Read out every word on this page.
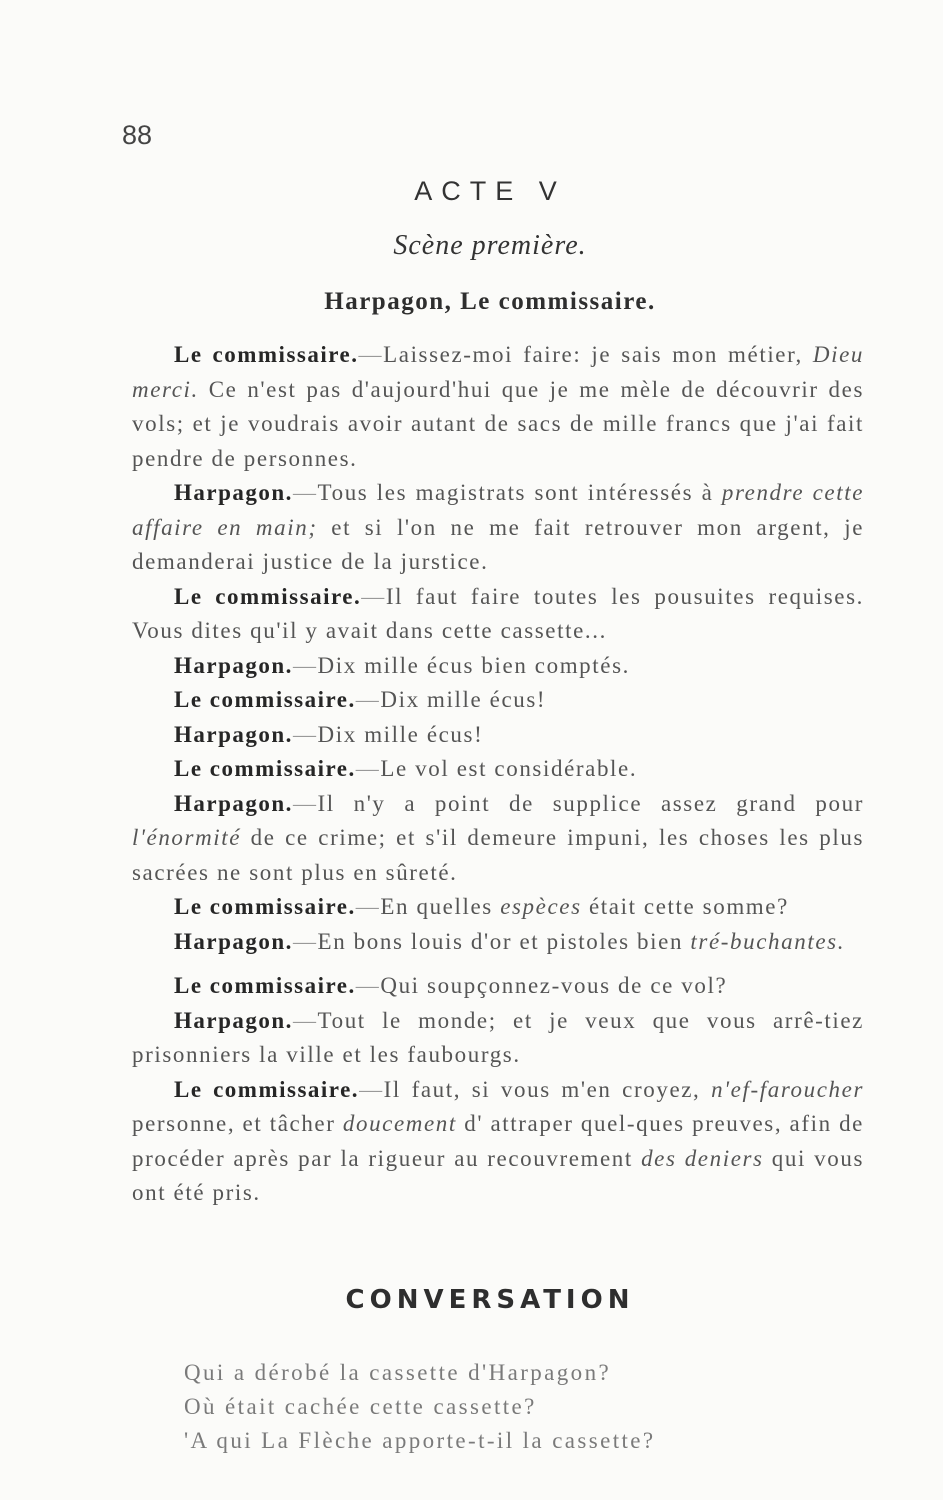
88
ACTE V
Scène première.
Harpagon, Le commissaire.

Le commissaire.—Laissez-moi faire: je sais mon métier, Dieu merci. Ce n'est pas d'aujourd'hui que je me mèle de découvrir des vols; et je voudrais avoir autant de sacs de mille francs que j'ai fait pendre de personnes.

Harpagon.—Tous les magistrats sont intéressés à prendre cette affaire en main; et si l'on ne me fait retrouver mon argent, je demanderai justice de la jurstice.

Le commissaire.—Il faut faire toutes les pousuites requises. Vous dites qu'il y avait dans cette cassette...

Harpagon.—Dix mille écus bien comptés.

Le commissaire.—Dix mille écus!

Harpagon.—Dix mille écus!

Le commissaire.—Le vol est considérable.

Harpagon.—Il n'y a point de supplice assez grand pour l'énormité de ce crime; et s'il demeure impuni, les choses les plus sacrées ne sont plus en sûreté.

Le commissaire.—En quelles espèces était cette somme?

Harpagon.—En bons louis d'or et pistoles bien tré-buchantes.

Le commissaire.—Qui soupçonnez-vous de ce vol?

Harpagon.—Tout le monde; et je veux que vous arrê-tiez prisonniers la ville et les faubourgs.

Le commissaire.—Il faut, si vous m'en croyez, n'ef-faroucher personne, et tâcher doucement d' attraper quel-ques preuves, afin de procéder après par la rigueur au recouvrement des deniers qui vous ont été pris.

CONVERSATION
Qui a dérobé la cassette d'Harpagon?
Où était cachée cette cassette?
'A qui La Flèche apporte-t-il la cassette?
